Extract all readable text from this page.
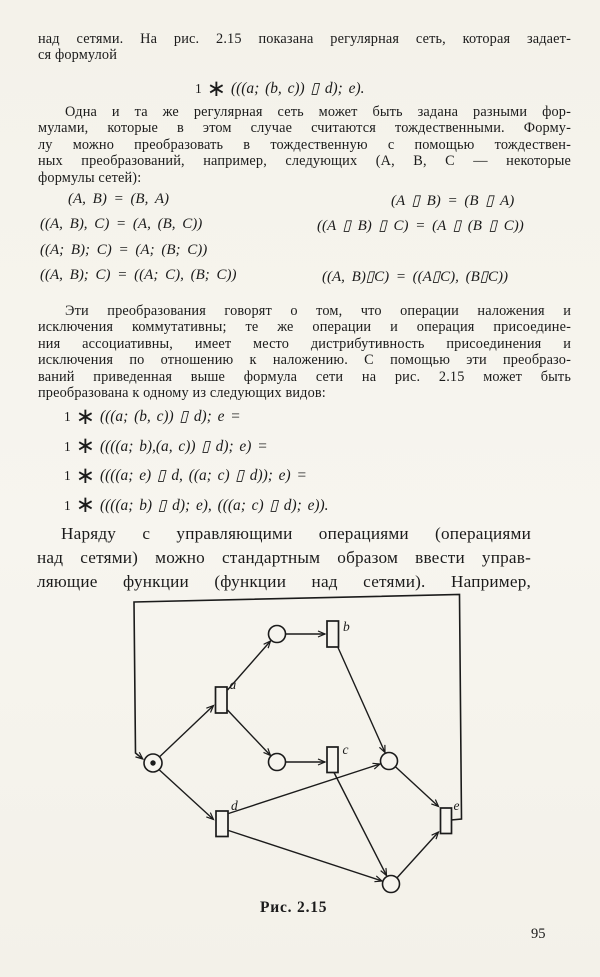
над сетями. На рис. 2.15 показана регулярная сеть, которая задает-
ся формулой
1 ∗ (((a; (b, c)) ▯ d); e).
Одна и та же регулярная сеть может быть задана разными фор-
мулами, которые в этом случае считаются тождественными. Форму-
лу можно преобразовать в тождественную с помощью тождествен-
ных преобразований, например, следующих (A, B, C — некоторые
формулы сетей):
(A, B) = (B, A)	(A ▯ B) = (B ▯ A)
((A, B), C) = (A, (B, C))	((A ▯ B) ▯ C) = (A ▯ (B ▯ C))
((A; B); C) = (A; (B; C))
((A, B); C) = ((A; C), (B; C))	((A, B)▯C) = ((A▯C), (B▯C))
Эти преобразования говорят о том, что операции наложения и
исключения коммутативны; те же операции и операция присоедине-
ния ассоциативны, имеет место дистрибутивность присоединения и
исключения по отношению к наложению. С помощью эти преобразо-
ваний приведенная выше формула сети на рис. 2.15 может быть
преобразована к одному из следующих видов:
1 ∗ (((a; (b, c)) ▯ d); e =
1 ∗ ((((a; b),(a, c)) ▯ d); e) =
1 ∗ ((((a; e) ▯ d, ((a; c) ▯ d)); e) =
1 ∗ ((((a; b) ▯ d); e), (((a; c) ▯ d); e)).
Наряду с управляющими операциями (операциями
над сетями) можно стандартным образом ввести управ-
ляющие функции (функции над сетями). Например,
a
b
c
d	e
Рис. 2.15
95
